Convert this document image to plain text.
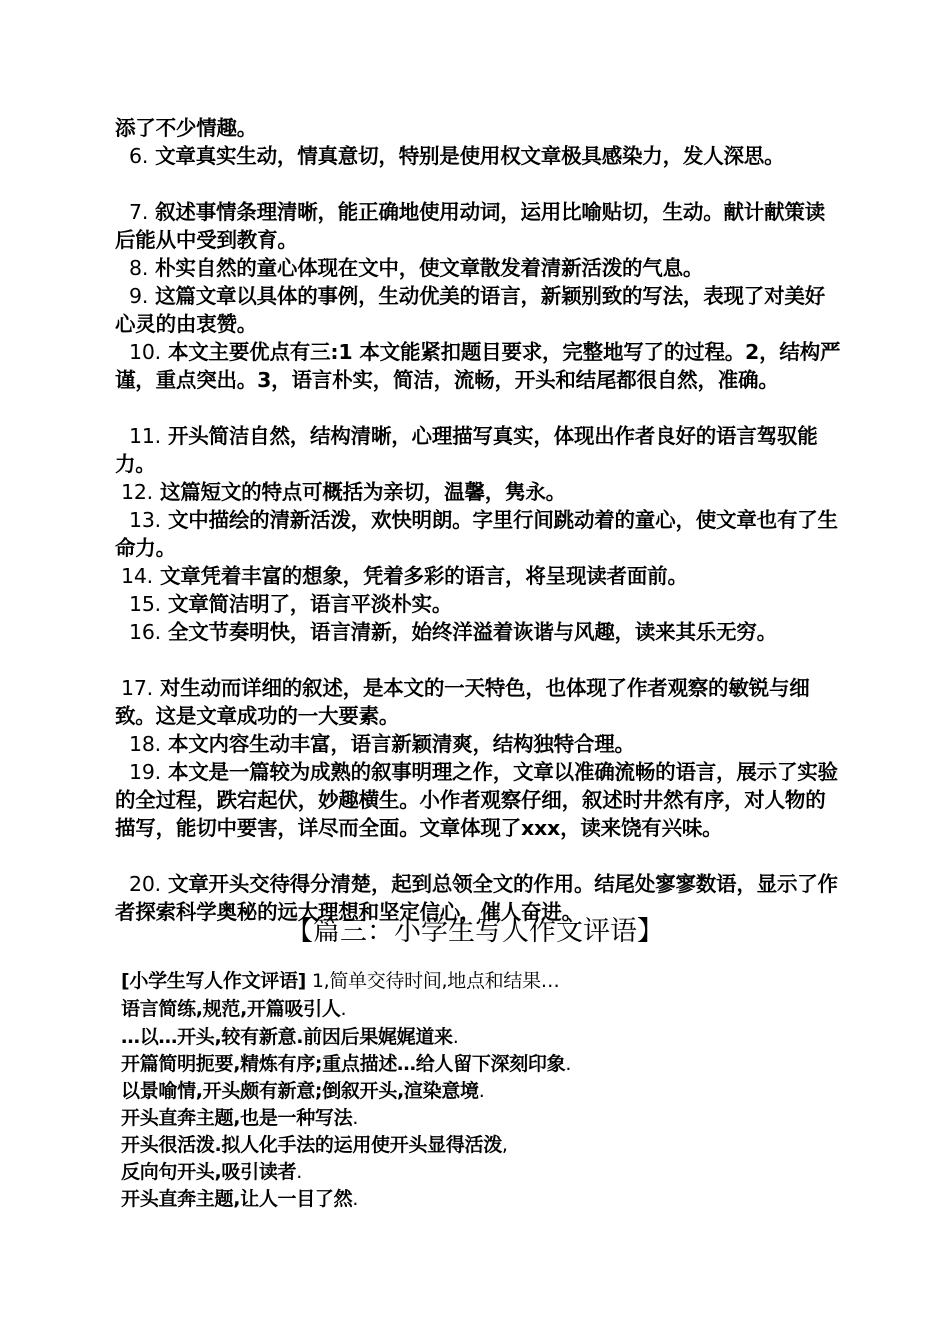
添了不少情趣。
6. 文章真实生动，情真意切，特别是使用权文章极具感染力，发人深思。
7. 叙述事情条理清晰，能正确地使用动词，运用比喻贴切，生动。献计献策读后能从中受到教育。
8. 朴实自然的童心体现在文中，使文章散发着清新活泼的气息。
9. 这篇文章以具体的事例，生动优美的语言，新颖别致的写法，表现了对美好心灵的由衷赞。
10. 本文主要优点有三:1 本文能紧扣题目要求，完整地写了的过程。2，结构严谨，重点突出。3，语言朴实，简洁，流畅，开头和结尾都很自然，准确。
11. 开头简洁自然，结构清晰，心理描写真实，体现出作者良好的语言驾驭能力。
12. 这篇短文的特点可概括为亲切，温馨，隽永。
13. 文中描绘的清新活泼，欢快明朗。字里行间跳动着的童心，使文章也有了生命力。
14. 文章凭着丰富的想象，凭着多彩的语言，将呈现读者面前。
15. 文章简洁明了，语言平淡朴实。
16. 全文节奏明快，语言清新，始终洋溢着诙谐与风趣，读来其乐无穷。
17. 对生动而详细的叙述，是本文的一天特色，也体现了作者观察的敏锐与细致。这是文章成功的一大要素。
18. 本文内容生动丰富，语言新颖清爽，结构独特合理。
19. 本文是一篇较为成熟的叙事明理之作，文章以准确流畅的语言，展示了实验的全过程，跌宕起伏，妙趣横生。小作者观察仔细，叙述时井然有序，对人物的描写，能切中要害，详尽而全面。文章体现了xxx，读来饶有兴味。
20. 文章开头交待得分清楚，起到总领全文的作用。结尾处寥寥数语，显示了作者探索科学奥秘的远大理想和坚定信心，催人奋进。
【篇三：小学生写人作文评语】
[小学生写人作文评语] 1,简单交待时间,地点和结果…
语言简练,规范,开篇吸引人.
…以…开头,较有新意.前因后果娓娓道来.
开篇简明扼要,精炼有序;重点描述…给人留下深刻印象.
以景喻情,开头颇有新意;倒叙开头,渲染意境.
开头直奔主题,也是一种写法.
开头很活泼.拟人化手法的运用使开头显得活泼,
反向句开头,吸引读者.
开头直奔主题,让人一目了然.
